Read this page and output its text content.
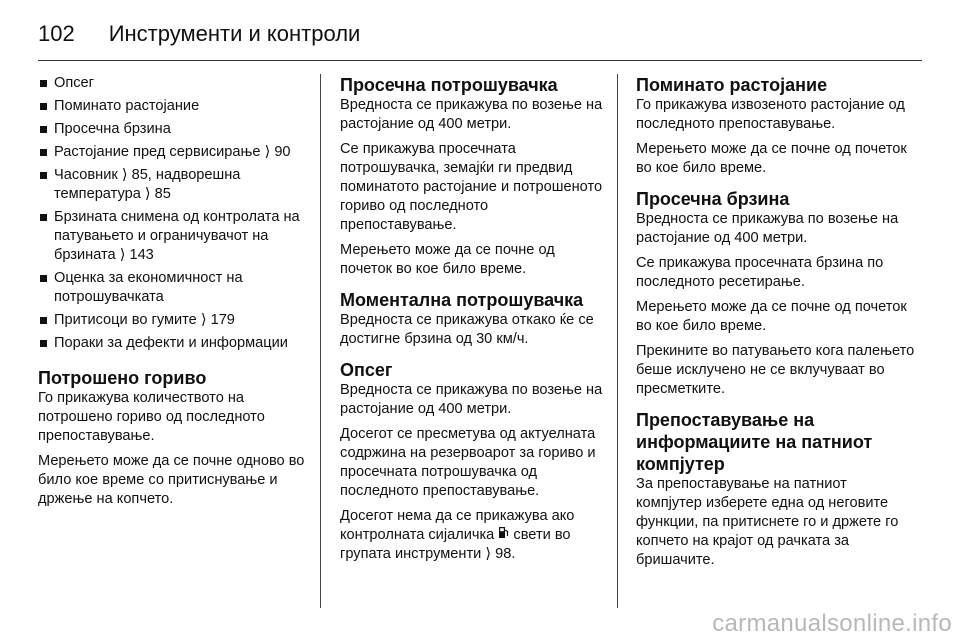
102 Инструменти и контроли
Опсег
Поминато растојание
Просечна брзина
Растојание пред сервисирање ⟩ 90
Часовник ⟩ 85, надворешна температура ⟩ 85
Брзината снимена од контролата на патувањето и ограничувачот на брзината ⟩ 143
Оценка за економичност на потрошувачката
Притисоци во гумите ⟩ 179
Пораки за дефекти и информации
Потрошено гориво

Го прикажува количеството на потрошено гориво од последното препоставување.

Мерењето може да се почне одново во било кое време со притиснување и држење на копчето.

Просечна потрошувачка

Вредноста се прикажува по возење на растојание од 400 метри.

Се прикажува просечната потрошувачка, земајќи ги предвид поминатото растојание и потрошеното гориво од последното препоставување.

Мерењето може да се почне од почеток во кое било време.

Моментална потрошувачка

Вредноста се прикажува откако ќе се достигне брзина од 30 км/ч.

Опсег

Вредноста се прикажува по возење на растојание од 400 метри.

Досегот се пресметува од актуелната содржина на резервоарот за гориво и просечната потрошувачка од последното препоставување.

Досегот нема да се прикажува ако контролната сијаличка свети во групата инструменти ⟩ 98.

Поминато растојание

Го прикажува извозеното растојание од последното препоставување.

Мерењето може да се почне од почеток во кое било време.

Просечна брзина

Вредноста се прикажува по возење на растојание од 400 метри.

Се прикажува просечната брзина по последното ресетирање.

Мерењето може да се почне од почеток во кое било време.

Прекините во патувањето кога палењето беше исклучено не се вклучуваат во пресметките.

Препоставување на информациите на патниот компјутер

За препоставување на патниот компјутер изберете една од неговите функции, па притиснете го и држете го копчето на крајот од рачката за бришачите.

carmanualsonline.info
